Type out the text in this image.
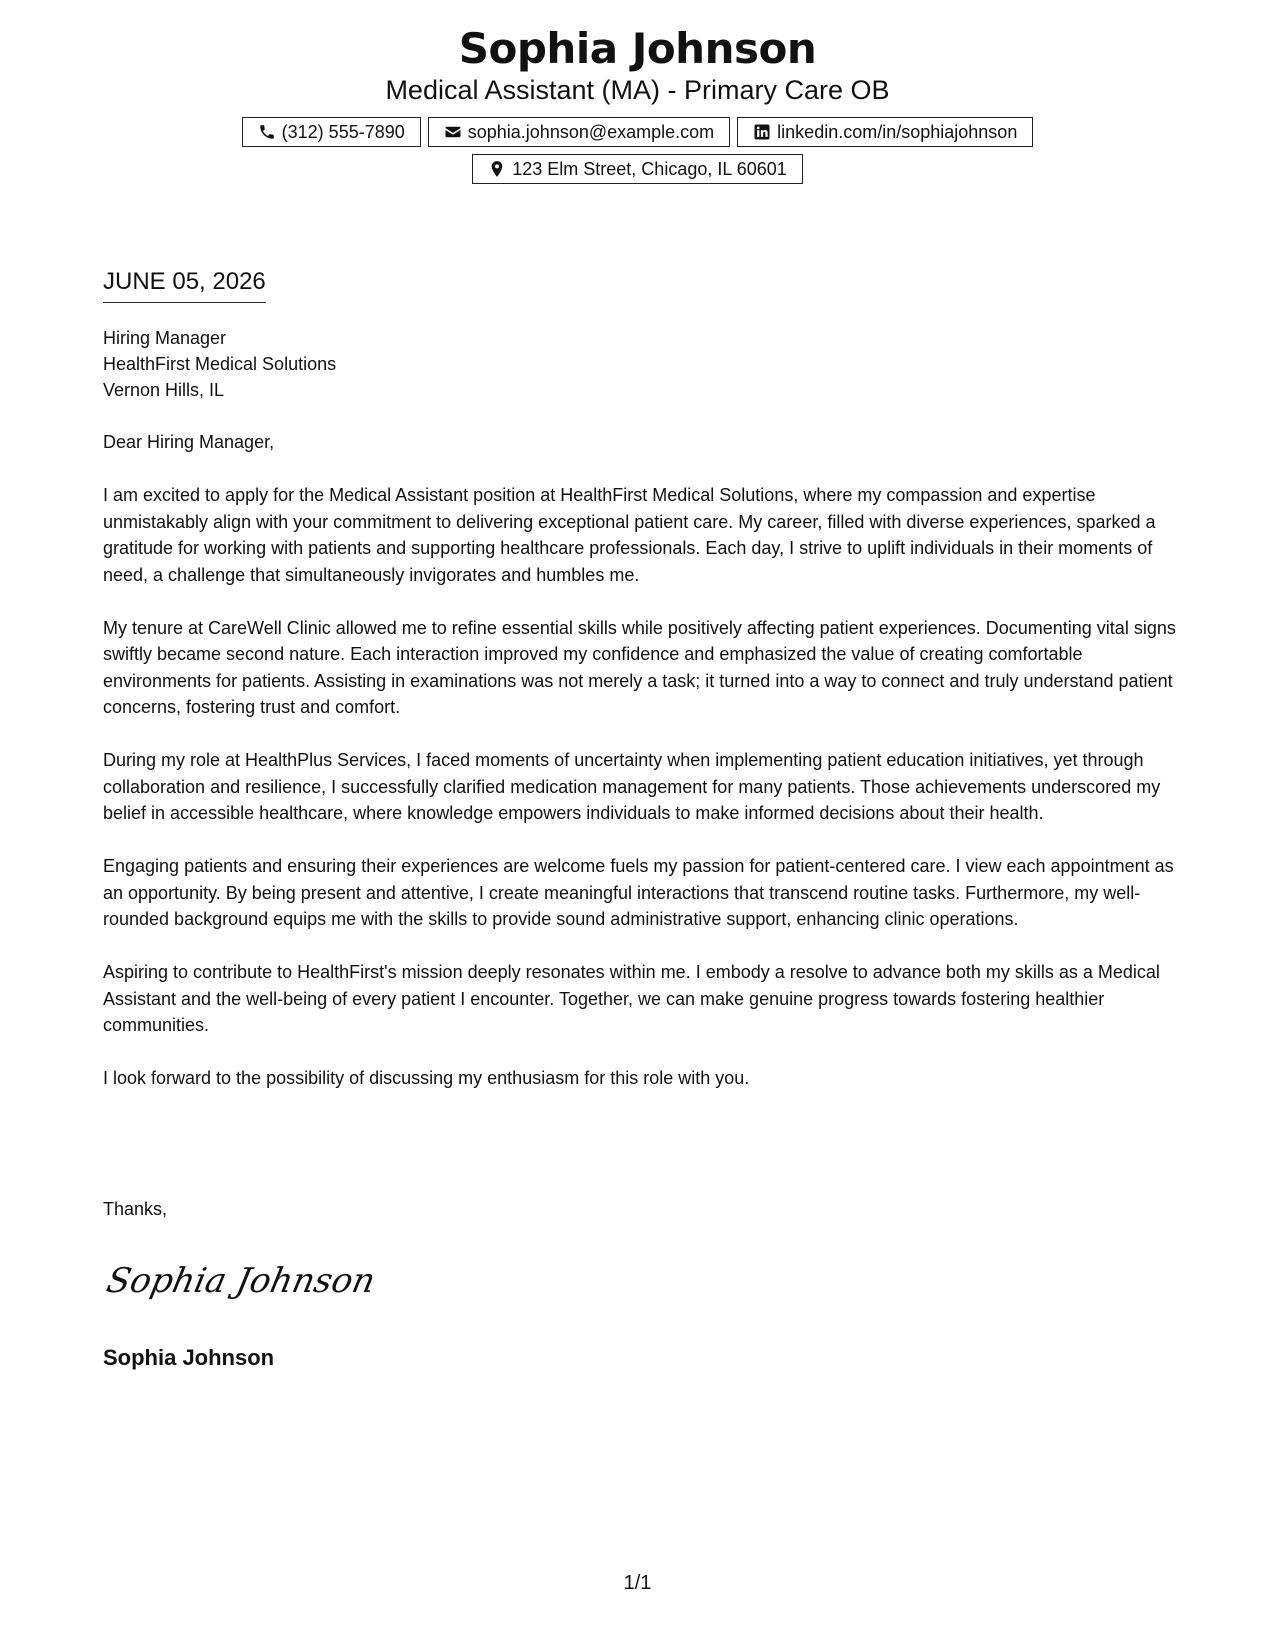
Sophia Johnson
Medical Assistant (MA) - Primary Care OB
(312) 555-7890	sophia.johnson@example.com	linkedin.com/in/sophiajohnson
123 Elm Street, Chicago, IL 60601
JUNE 05, 2026
Hiring Manager
HealthFirst Medical Solutions
Vernon Hills, IL

Dear Hiring Manager,

I am excited to apply for the Medical Assistant position at HealthFirst Medical Solutions, where my compassion and expertise unmistakably align with your commitment to delivering exceptional patient care. My career, filled with diverse experiences, sparked a gratitude for working with patients and supporting healthcare professionals. Each day, I strive to uplift individuals in their moments of need, a challenge that simultaneously invigorates and humbles me.

My tenure at CareWell Clinic allowed me to refine essential skills while positively affecting patient experiences. Documenting vital signs swiftly became second nature. Each interaction improved my confidence and emphasized the value of creating comfortable environments for patients. Assisting in examinations was not merely a task; it turned into a way to connect and truly understand patient concerns, fostering trust and comfort.

During my role at HealthPlus Services, I faced moments of uncertainty when implementing patient education initiatives, yet through collaboration and resilience, I successfully clarified medication management for many patients. Those achievements underscored my belief in accessible healthcare, where knowledge empowers individuals to make informed decisions about their health.

Engaging patients and ensuring their experiences are welcome fuels my passion for patient-centered care. I view each appointment as an opportunity. By being present and attentive, I create meaningful interactions that transcend routine tasks. Furthermore, my well-rounded background equips me with the skills to provide sound administrative support, enhancing clinic operations.

Aspiring to contribute to HealthFirst's mission deeply resonates within me. I embody a resolve to advance both my skills as a Medical Assistant and the well-being of every patient I encounter. Together, we can make genuine progress towards fostering healthier communities.

I look forward to the possibility of discussing my enthusiasm for this role with you.

Thanks,
Sophia Johnson
Sophia Johnson
1/1
